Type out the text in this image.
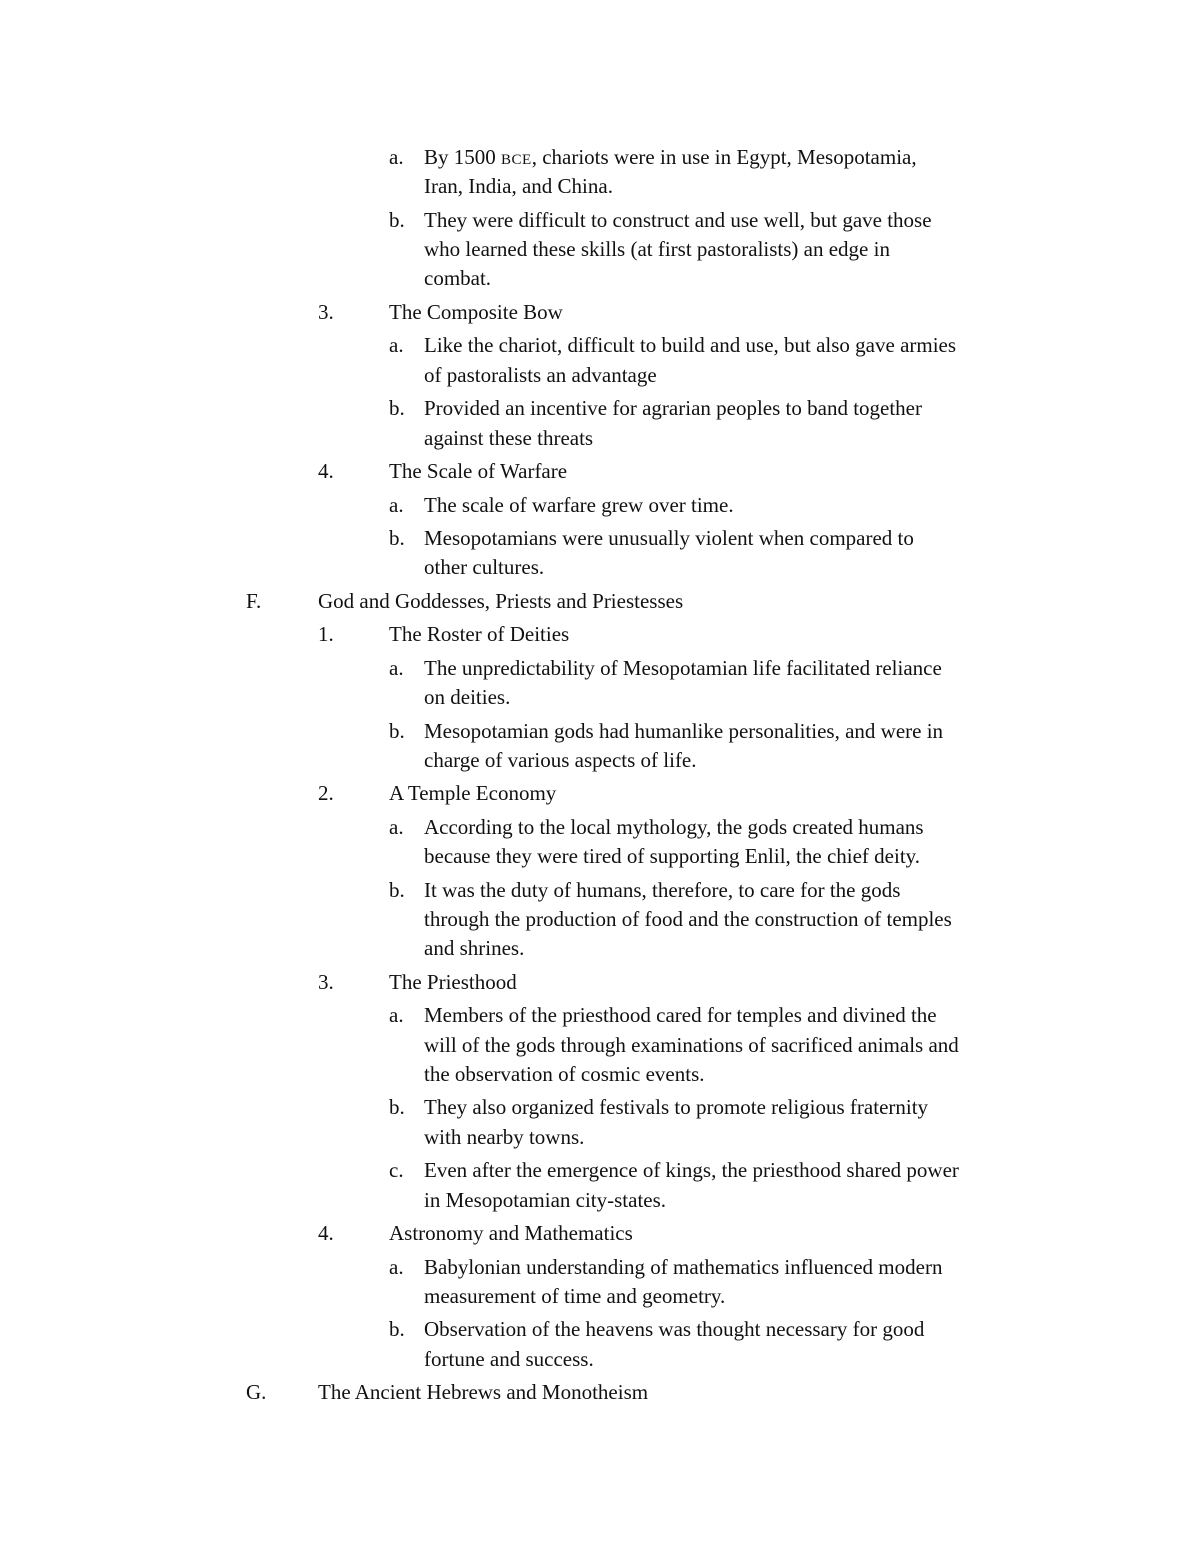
a. By 1500 BCE, chariots were in use in Egypt, Mesopotamia,
Iran, India, and China.
b. They were difficult to construct and use well, but gave those
who learned these skills (at first pastoralists) an edge in
combat.
3.	The Composite Bow
a. Like the chariot, difficult to build and use, but also gave armies
of pastoralists an advantage
b. Provided an incentive for agrarian peoples to band together
against these threats
4.	The Scale of Warfare
a. The scale of warfare grew over time.
b. Mesopotamians were unusually violent when compared to
other cultures.
F.	God and Goddesses, Priests and Priestesses
1.	The Roster of Deities
a. The unpredictability of Mesopotamian life facilitated reliance
on deities.
b. Mesopotamian gods had humanlike personalities, and were in
charge of various aspects of life.
2.	A Temple Economy
a. According to the local mythology, the gods created humans
because they were tired of supporting Enlil, the chief deity.
b. It was the duty of humans, therefore, to care for the gods
through the production of food and the construction of temples
and shrines.
3.	The Priesthood
a. Members of the priesthood cared for temples and divined the
will of the gods through examinations of sacrificed animals and
the observation of cosmic events.
b. They also organized festivals to promote religious fraternity
with nearby towns.
c. Even after the emergence of kings, the priesthood shared power
in Mesopotamian city-states.
4.	Astronomy and Mathematics
a. Babylonian understanding of mathematics influenced modern
measurement of time and geometry.
b. Observation of the heavens was thought necessary for good
fortune and success.
G. The Ancient Hebrews and Monotheism
